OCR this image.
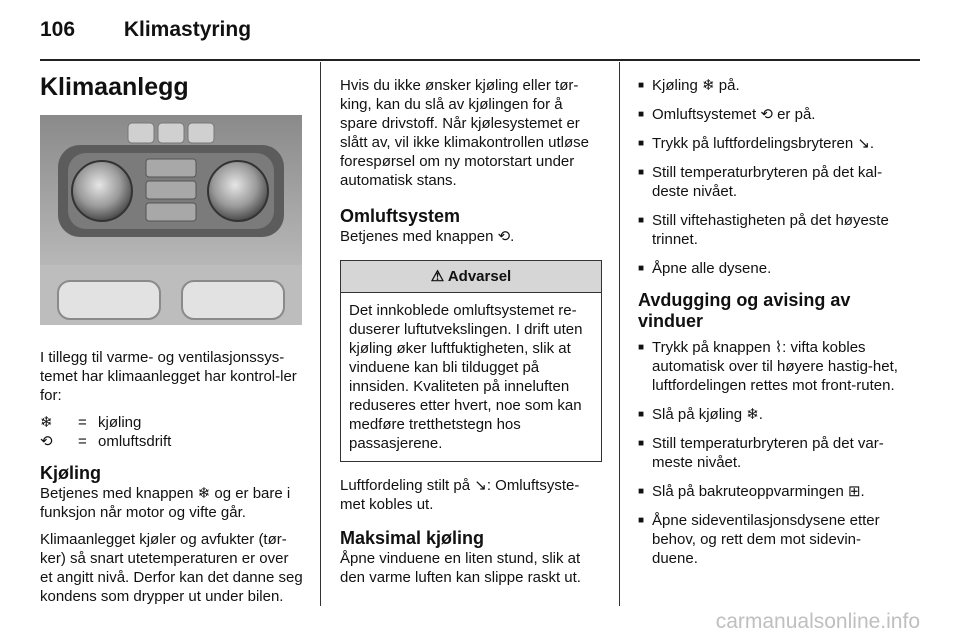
106 Klimastyring
Klimaanlegg

I tillegg til varme- og ventilasjonssys-temet har klimaanlegget har kontrol-ler for:

❄	= kjøling
⟲	= omluftsdrift
Kjøling

Betjenes med knappen ❄ og er bare i funksjon når motor og vifte går.

Klimaanlegget kjøler og avfukter (tør-ker) så snart utetemperaturen er over et angitt nivå. Derfor kan det danne seg kondens som drypper ut under bilen.

Hvis du ikke ønsker kjøling eller tør-king, kan du slå av kjølingen for å spare drivstoff. Når kjølesystemet er slått av, vil ikke klimakontrollen utløse forespørsel om ny motorstart under automatisk stans.

Omluftsystem

Betjenes med knappen ⟲.

⚠ Advarsel
Det innkoblede omluftsystemet re-duserer luftutvekslingen. I drift uten kjøling øker luftfuktigheten, slik at vinduene kan bli tildugget på innsiden. Kvaliteten på inneluften reduseres etter hvert, noe som kan medføre tretthetstegn hos passasjerene.

Luftfordeling stilt på ↘: Omluftsyste-met kobles ut.

Maksimal kjøling

Åpne vinduene en liten stund, slik at den varme luften kan slippe raskt ut.

■ Kjøling ❄ på.
■ Omluftsystemet ⟲ er på.
■ Trykk på luftfordelingsbryteren ↘.
■ Still temperaturbryteren på det kal-deste nivået.
■ Still viftehastigheten på det høyeste trinnet.
■ Åpne alle dysene.
Avdugging og avising av vinduer
■ Trykk på knappen ⌇: vifta kobles automatisk over til høyere hastig-het, luftfordelingen rettes mot front-ruten.
■ Slå på kjøling ❄.
■ Still temperaturbryteren på det var-meste nivået.
■ Slå på bakruteoppvarmingen ⊞.
■ Åpne sideventilasjonsdysene etter behov, og rett dem mot sidevin-duene.
carmanualsonline.info
